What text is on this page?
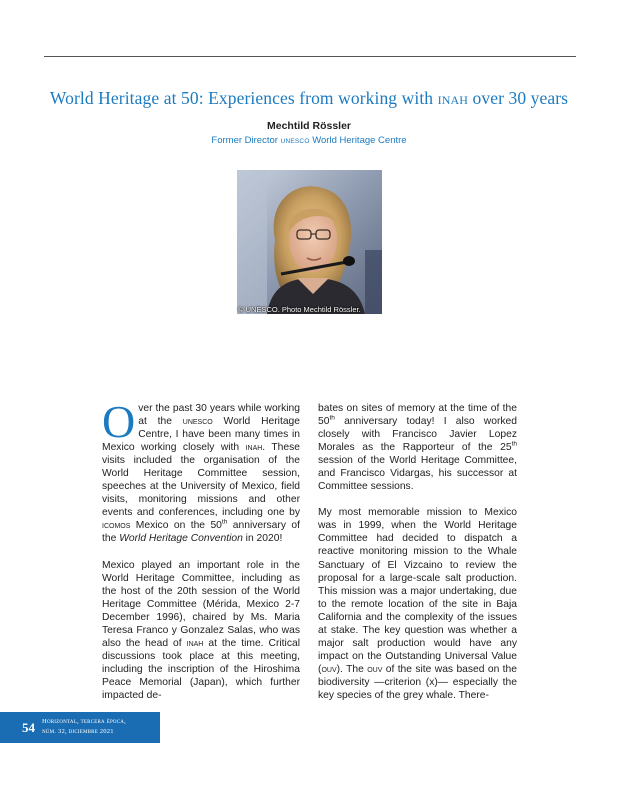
World Heritage at 50: Experiences from working with inah over 30 years
Mechtild Rössler
Former Director UNESCO World Heritage Centre
© UNESCO. Photo Mechtild Rössler.

Over the past 30 years while working at the unesco World Heritage Centre, I have been many times in Mexico working closely with inah. These visits included the organisation of the World Heritage Committee session, speeches at the University of Mexico, field visits, monitoring missions and other events and conferences, including one by icomos Mexico on the 50th anniversary of the World Heritage Convention in 2020!

Mexico played an important role in the World Heritage Committee, including as the host of the 20th session of the World Heritage Committee (Mérida, Mexico 2-7 December 1996), chaired by Ms. Maria Teresa Franco y Gonzalez Salas, who was also the head of inah at the time. Critical discussions took place at this meeting, including the inscription of the Hiroshima Peace Memorial (Japan), which further impacted de-

bates on sites of memory at the time of the 50th anniversary today! I also worked closely with Francisco Javier Lopez Morales as the Rapporteur of the 25th session of the World Heritage Committee, and Francisco Vidargas, his successor at Committee sessions.

My most memorable mission to Mexico was in 1999, when the World Heritage Committee had decided to dispatch a reactive monitoring mission to the Whale Sanctuary of El Vizcaino to review the proposal for a large-scale salt production. This mission was a major undertaking, due to the remote location of the site in Baja California and the complexity of the issues at stake. The key question was whether a major salt production would have any impact on the Outstanding Universal Value (ouv). The ouv of the site was based on the biodiversity —criterion (x)— especially the key species of the grey whale. There-

54 Horizontal, tercera época,
núm. 32, diciembre 2021
